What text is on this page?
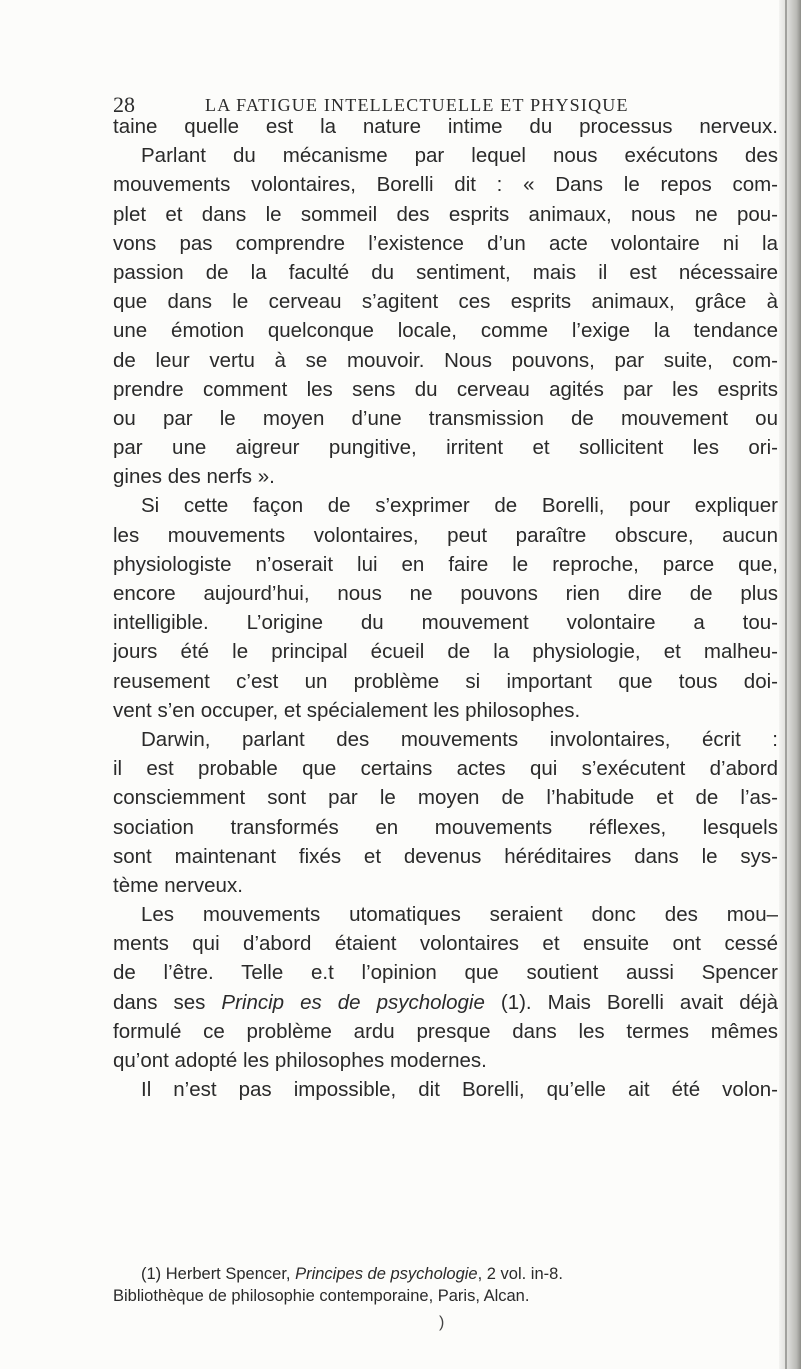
28	LA FATIGUE INTELLECTUELLE ET PHYSIQUE
taine quelle est la nature intime du processus nerveux.
Parlant du mécanisme par lequel nous exécutons des
mouvements volontaires, Borelli dit : « Dans le repos com-
plet et dans le sommeil des esprits animaux, nous ne pou-
vons pas comprendre l’existence d’un acte volontaire ni la
passion de la faculté du sentiment, mais il est nécessaire
que dans le cerveau s’agitent ces esprits animaux, grâce à
une émotion quelconque locale, comme l’exige la tendance
de leur vertu à se mouvoir. Nous pouvons, par suite, com-
prendre comment les sens du cerveau agités par les esprits
ou par le moyen d’une transmission de mouvement ou
par une aigreur pungitive, irritent et sollicitent les ori-
gines des nerfs ».
Si cette façon de s’exprimer de Borelli, pour expliquer
les mouvements volontaires, peut paraître obscure, aucun
physiologiste n’oserait lui en faire le reproche, parce que,
encore aujourd’hui, nous ne pouvons rien dire de plus
intelligible. L’origine du mouvement volontaire a tou-
jours été le principal écueil de la physiologie, et malheu-
reusement c’est un problème si important que tous doi-
vent s’en occuper, et spécialement les philosophes.
Darwin, parlant des mouvements involontaires, écrit :
il est probable que certains actes qui s’exécutent d’abord
consciemment sont par le moyen de l’habitude et de l’as-
sociation transformés en mouvements réflexes, lesquels
sont maintenant fixés et devenus héréditaires dans le sys-
tème nerveux.
Les mouvements utomatiques seraient donc des mou–
ments qui d’abord étaient volontaires et ensuite ont cessé
de l’être. Telle e.t l’opinion que soutient aussi Spencer
dans ses Princip es de psychologie (1). Mais Borelli avait déjà
formulé ce problème ardu presque dans les termes mêmes
qu’ont adopté les philosophes modernes.
Il n’est pas impossible, dit Borelli, qu’elle ait été volon-
(1) Herbert Spencer, Principes de psychologie, 2 vol. in-8.
Bibliothèque de philosophie contemporaine, Paris, Alcan.
)
